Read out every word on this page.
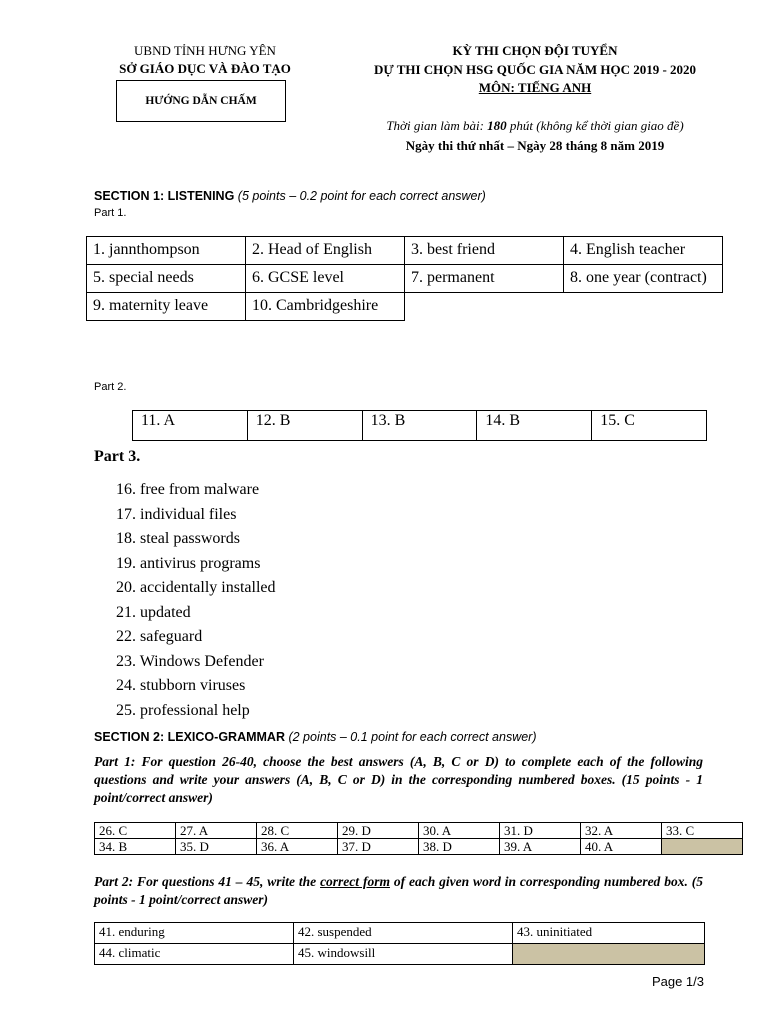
UBND TỈNH HƯNG YÊN
SỞ GIÁO DỤC VÀ ĐÀO TẠO
HƯỚNG DẪN CHẤM
KỲ THI CHỌN ĐỘI TUYỂN
DỰ THI CHỌN HSG QUỐC GIA NĂM HỌC 2019 - 2020
MÔN: TIẾNG ANH
Thời gian làm bài: 180 phút (không kể thời gian giao đề)
Ngày thi thứ nhất – Ngày 28 tháng 8 năm 2019
SECTION 1: LISTENING (5 points – 0.2 point for each correct answer)
Part 1.
1. jannthompson	2. Head of English	3. best friend	4. English teacher
5. special needs	6. GCSE level	7. permanent	8. one year (contract)
9. maternity leave	10. Cambridgeshire		
Part 2.
11. A	12. B	13. B	14. B	15. C
Part 3.
16. free from malware
17. individual files
18. steal passwords
19. antivirus programs
20. accidentally installed
21. updated
22. safeguard
23. Windows Defender
24. stubborn viruses
25. professional help
SECTION 2: LEXICO-GRAMMAR (2 points – 0.1 point for each correct answer)
Part 1: For question 26-40, choose the best answers (A, B, C or D) to complete each of the following questions and write your answers (A, B, C or D) in the corresponding numbered boxes. (15 points - 1 point/correct answer)
26. C	27. A	28. C	29. D	30. A	31. D	32. A	33. C
34. B	35. D	36. A	37. D	38. D	39. A	40. A	
Part 2: For questions 41 – 45, write the correct form of each given word in corresponding numbered box. (5 points - 1 point/correct answer)
41. enduring	42. suspended	43. uninitiated
44. climatic	45. windowsill	
Page 1/3
